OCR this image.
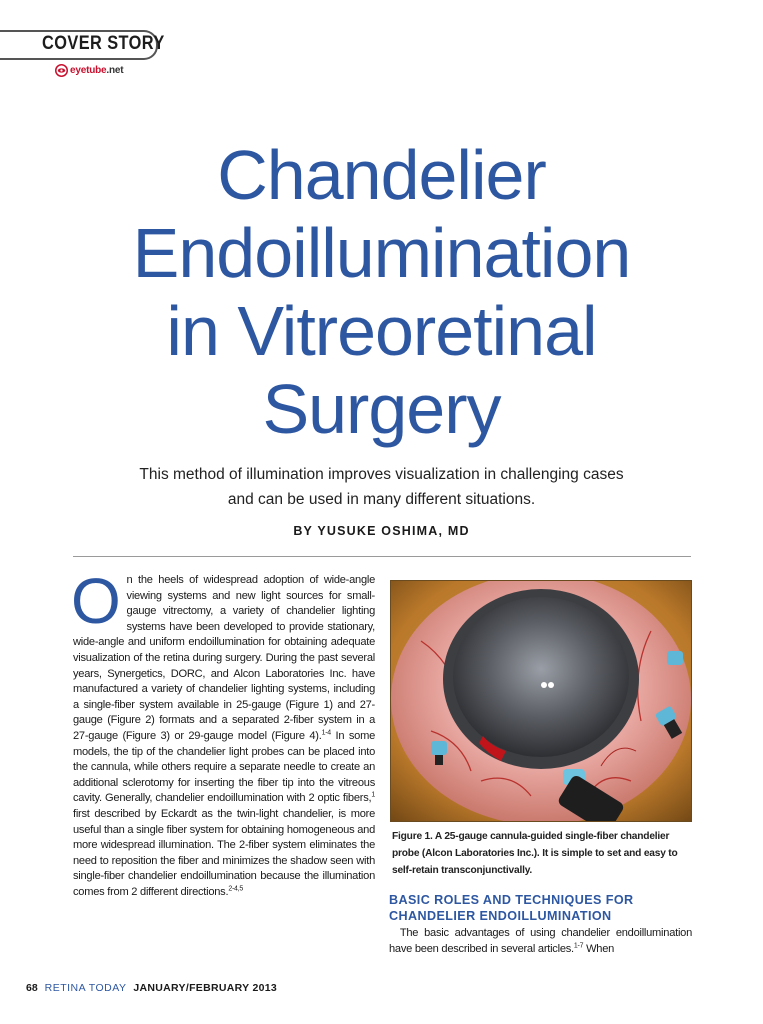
COVER STORY
eyetube.net
Chandelier
Endoillumination
in Vitreoretinal
Surgery
This method of illumination improves visualization in challenging cases
and can be used in many different situations.
BY YUSUKE OSHIMA, MD
On the heels of widespread adoption of wide-angle viewing systems and new light sources for small-gauge vitrectomy, a variety of chandelier lighting systems have been developed to provide stationary, wide-angle and uniform endoillumination for obtaining adequate visualization of the retina during surgery. During the past several years, Synergetics, DORC, and Alcon Laboratories Inc. have manufactured a variety of chandelier lighting systems, including a single-fiber system available in 25-gauge (Figure 1) and 27-gauge (Figure 2) formats and a separated 2-fiber system in a 27-gauge (Figure 3) or 29-gauge model (Figure 4).$^{1-4}$ In some models, the tip of the chandelier light probes can be placed into the cannula, while others require a separate needle to create an additional sclerotomy for inserting the fiber tip into the vitreous cavity. Generally, chandelier endoillumination with 2 optic fibers,$^1$ first described by Eckardt as the twin-light chandelier, is more useful than a single fiber system for obtaining homogeneous and more widespread illumination. The 2-fiber system eliminates the need to reposition the fiber and minimizes the shadow seen with single-fiber chandelier endoillumination because the illumination comes from 2 different directions.$^{2-4,5}$
Figure 1. A 25-gauge cannula-guided single-fiber chandelier probe (Alcon Laboratories Inc.). It is simple to set and easy to self-retain transconjunctivally.
BASIC ROLES AND TECHNIQUES FOR
CHANDELIER ENDOILLUMINATION
 The basic advantages of using chandelier endoillumination have been described in several articles.$^{1-7}$ When
68 RETINA TODAY JANUARY/FEBRUARY 2013
